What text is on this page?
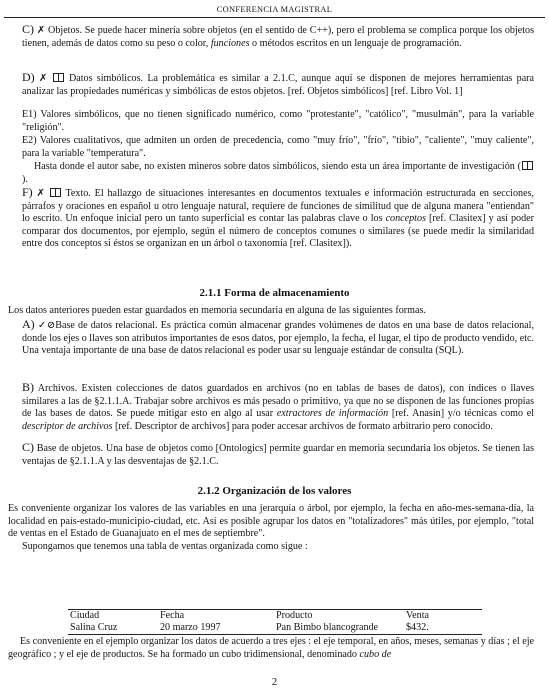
CONFERENCIA MAGISTRAL

C) ✗ Objetos. Se puede hacer minería sobre objetos (en el sentido de C++), pero el problema se complica porque los objetos tienen, además de datos como su peso o color, funciones o métodos escritos en un lenguaje de programación.

D) ✗ Datos simbólicos. La problemática es similar a 2.1.C, aunque aquí se disponen de mejores herramientas para analizar las propiedades numéricas y simbólicas de estos objetos. [ref. Objetos simbólicos] [ref. Libro Vol. 1]

E1) Valores simbólicos, que no tienen significado numérico, como "protestante", "católico", "musulmán", para la variable "religión".

E2) Valores cualitativos, que admiten un orden de precedencia, como "muy frío", "frío", "tibio", "caliente", "muy caliente", para la variable "temperatura".

Hasta donde el autor sabe, no existen mineros sobre datos simbólicos, siendo esta un área importante de investigación ().

F) ✗ Texto. El hallazgo de situaciones interesantes en documentos textuales e información estructurada en secciones, párrafos y oraciones en español u otro lenguaje natural, requiere de funciones de similitud que de alguna manera "entiendan" lo escrito. Un enfoque inicial pero un tanto superficial es contar las palabras clave o los conceptos [ref. Clasitex] y así poder comparar dos documentos, por ejemplo, según el número de conceptos comunes o similares (se puede medir la similaridad entre dos conceptos si éstos se organizan en un árbol o taxonomía [ref. Clasitex]).

2.1.1 Forma de almacenamiento

Los datos anteriores pueden estar guardados en memoria secundaria en alguna de las siguientes formas.

A) ✓⊘Base de datos relacional. Es práctica común almacenar grandes volúmenes de datos en una base de datos relacional, donde los ejes o llaves son atributos importantes de esos datos, por ejemplo, la fecha, el lugar, el tipo de producto vendido, etc. Una ventaja importante de una base de datos relacional es poder usar su lenguaje estándar de consulta (SQL).

B) Archivos. Existen colecciones de datos guardados en archivos (no en tablas de bases de datos), con índices o llaves similares a las de §2.1.1.A. Trabajar sobre archivos es más pesado o primitivo, ya que no se disponen de las funciones propias de las bases de datos. Se puede mitigar esto en algo al usar extractores de información [ref. Anasin] y/o técnicas como el descriptor de archivos [ref. Descriptor de archivos] para poder accesar archivos de formato arbitrario pero conocido.

C) Base de objetos. Una base de objetos como [Ontologics] permite guardar en memoria secundaria los objetos. Se tienen las ventajas de §2.1.1.A y las desventajas de §2.1.C.

2.1.2 Organización de los valores

Es conveniente organizar los valores de las variables en una jerarquía o árbol, por ejemplo, la fecha en año-mes-semana-día, la localidad en país-estado-municipio-ciudad, etc. Así es posible agrupar los datos en "totalizadores" más útiles, por ejemplo, "total de ventas en el Estado de Guanajuato en el mes de septiembre".

Supongamos que tenemos una tabla de ventas organizada como sigue :

Ciudad	Fecha	Producto	Venta
Salina Cruz	20 marzo 1997	Pan Bimbo blancogrande	$432.

Es conveniente en el ejemplo organizar los datos de acuerdo a tres ejes : el eje temporal, en años, meses, semanas y días ; el eje geográfico ; y el eje de productos. Se ha formado un cubo tridimensional, denominado cubo de

2
